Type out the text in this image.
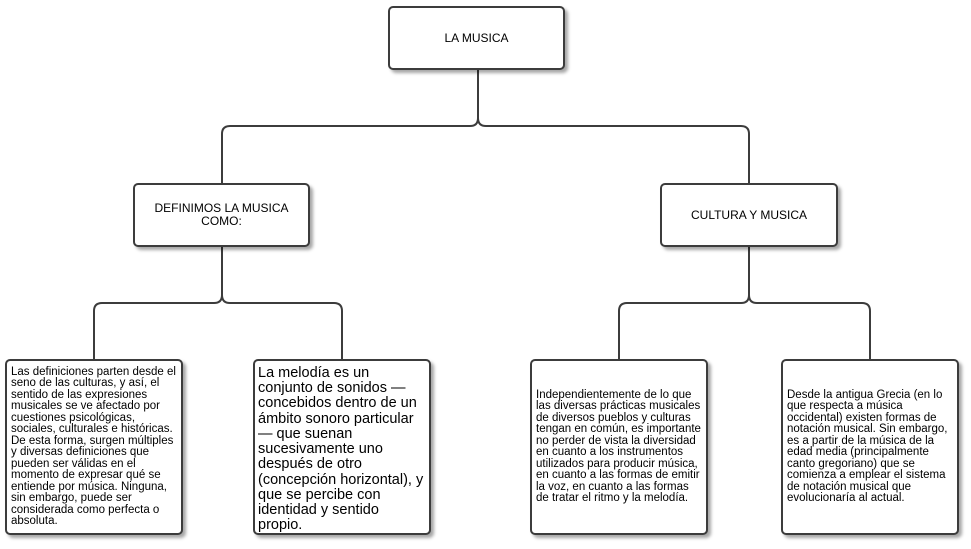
LA MUSICA
DEFINIMOS LA MUSICA COMO:	CULTURA Y MUSICA
Las definiciones parten desde el seno de las culturas, y así, el sentido de las expresiones musicales se ve afectado por cuestiones psicológicas, sociales, culturales e históricas. De esta forma, surgen múltiples y diversas definiciones que pueden ser válidas en el momento de expresar qué se entiende por música. Ninguna, sin embargo, puede ser considerada como perfecta o absoluta.
La melodía es un conjunto de sonidos —concebidos dentro de un ámbito sonoro particular— que suenan sucesivamente uno después de otro (concepción horizontal), y que se percibe con identidad y sentido propio.
Independientemente de lo que las diversas prácticas musicales de diversos pueblos y culturas tengan en común, es importante no perder de vista la diversidad en cuanto a los instrumentos utilizados para producir música, en cuanto a las formas de emitir la voz, en cuanto a las formas de tratar el ritmo y la melodía.
Desde la antigua Grecia (en lo que respecta a música occidental) existen formas de notación musical. Sin embargo, es a partir de la música de la edad media (principalmente canto gregoriano) que se comienza a emplear el sistema de notación musical que evolucionaría al actual.
